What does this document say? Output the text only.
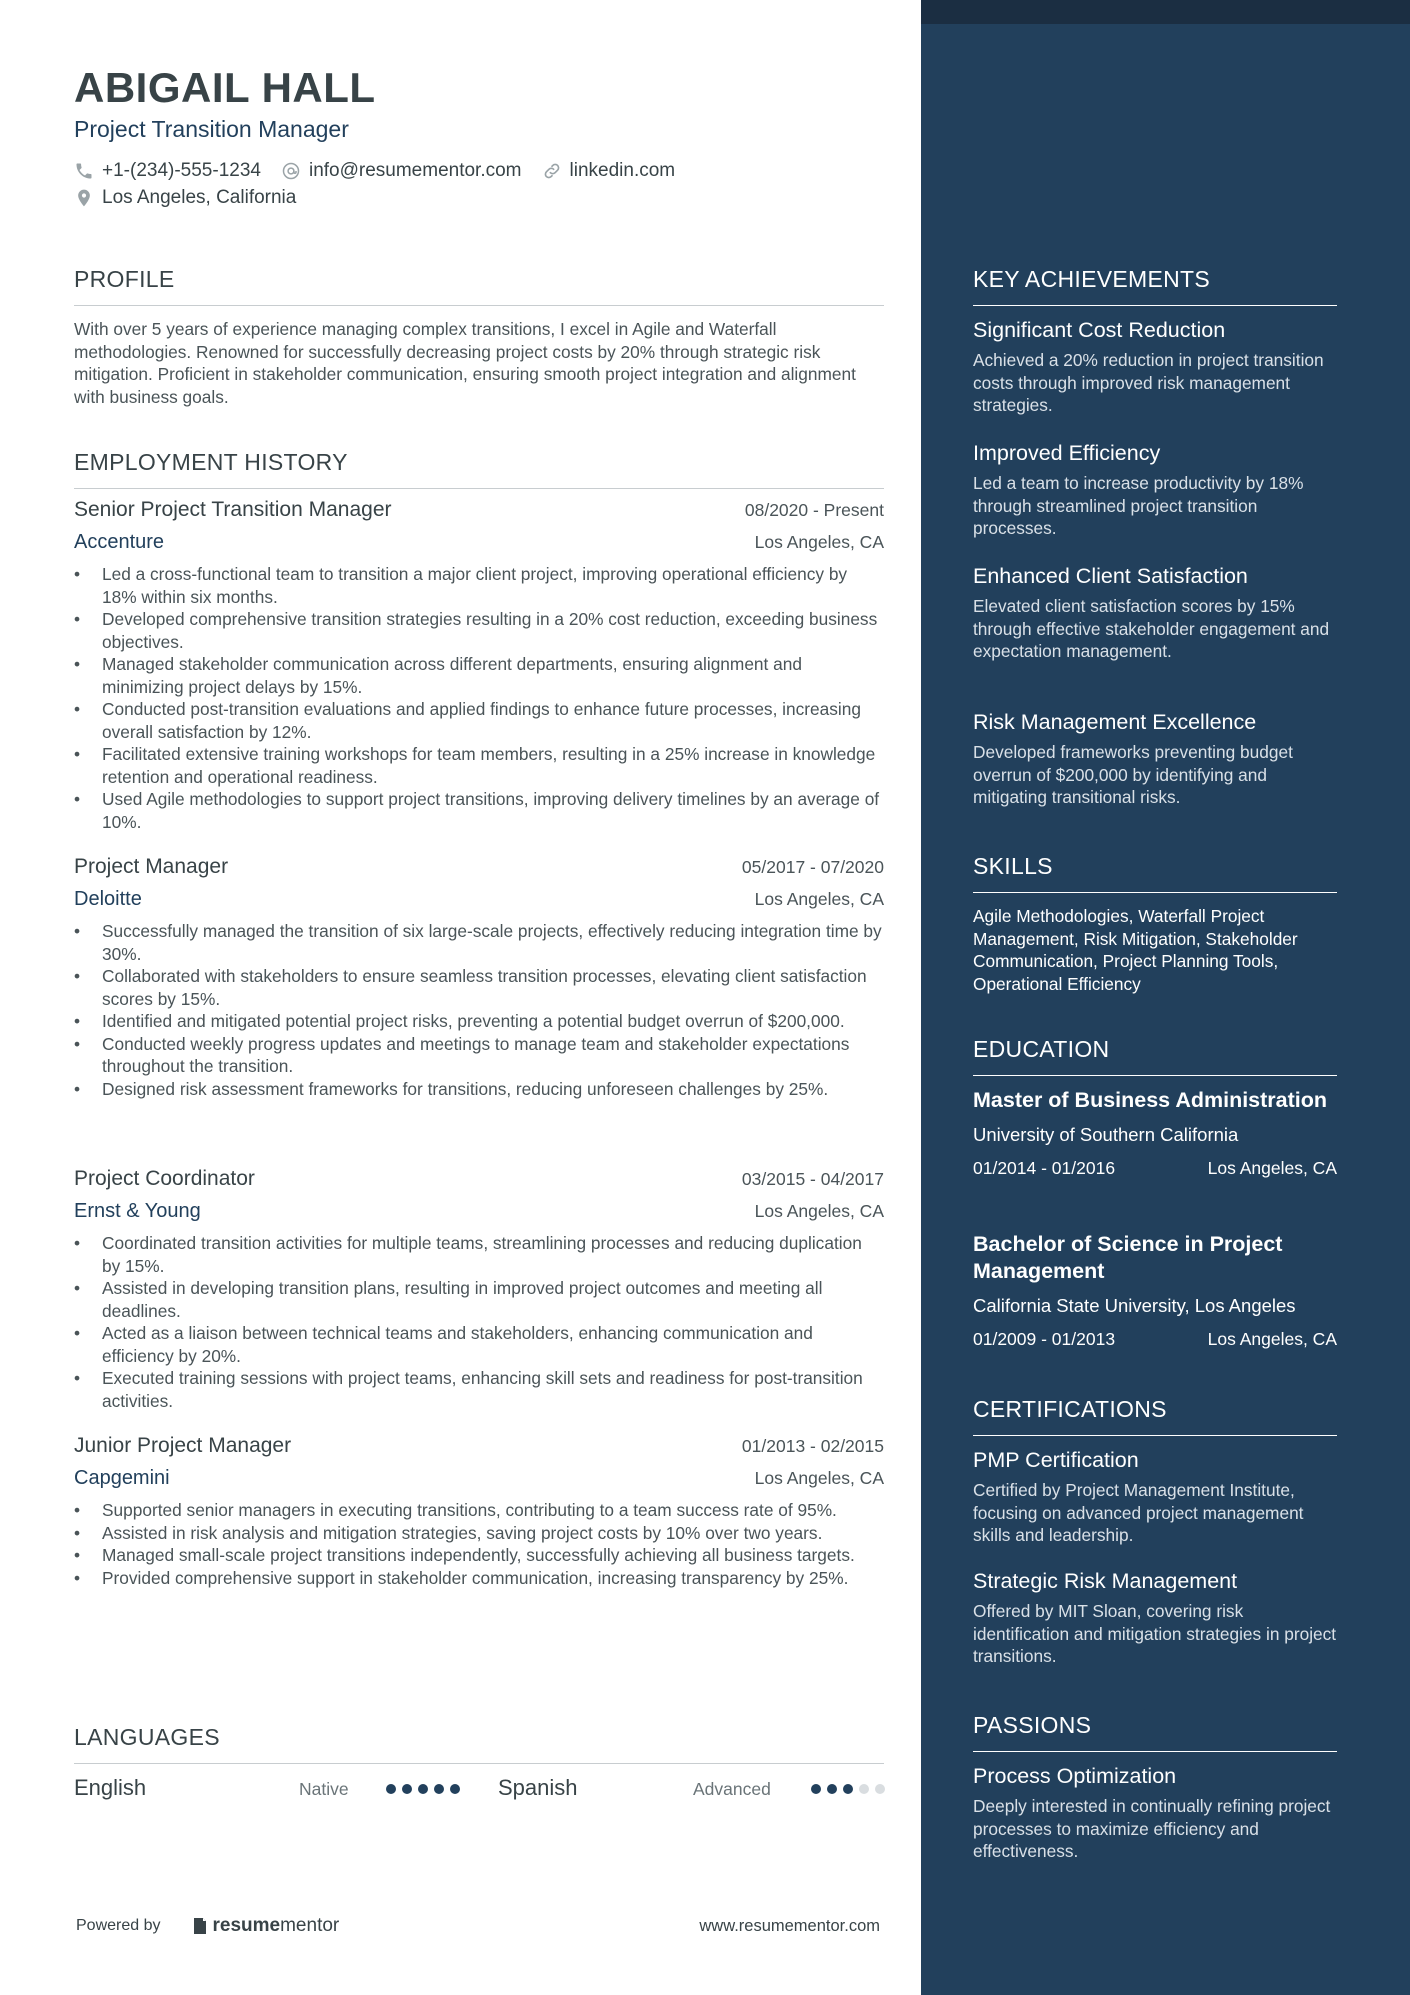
ABIGAIL HALL
Project Transition Manager
+1-(234)-555-1234	info@resumementor.com	linkedin.com
Los Angeles, California
PROFILE
With over 5 years of experience managing complex transitions, I excel in Agile and Waterfall methodologies. Renowned for successfully decreasing project costs by 20% through strategic risk mitigation. Proficient in stakeholder communication, ensuring smooth project integration and alignment with business goals.
EMPLOYMENT HISTORY
Senior Project Transition Manager	08/2020 - Present
Accenture	Los Angeles, CA
• Led a cross-functional team to transition a major client project, improving operational efficiency by 18% within six months.
• Developed comprehensive transition strategies resulting in a 20% cost reduction, exceeding business objectives.
• Managed stakeholder communication across different departments, ensuring alignment and minimizing project delays by 15%.
• Conducted post-transition evaluations and applied findings to enhance future processes, increasing overall satisfaction by 12%.
• Facilitated extensive training workshops for team members, resulting in a 25% increase in knowledge retention and operational readiness.
• Used Agile methodologies to support project transitions, improving delivery timelines by an average of 10%.
Project Manager	05/2017 - 07/2020
Deloitte	Los Angeles, CA
• Successfully managed the transition of six large-scale projects, effectively reducing integration time by 30%.
• Collaborated with stakeholders to ensure seamless transition processes, elevating client satisfaction scores by 15%.
• Identified and mitigated potential project risks, preventing a potential budget overrun of $200,000.
• Conducted weekly progress updates and meetings to manage team and stakeholder expectations throughout the transition.
• Designed risk assessment frameworks for transitions, reducing unforeseen challenges by 25%.
Project Coordinator	03/2015 - 04/2017
Ernst & Young	Los Angeles, CA
• Coordinated transition activities for multiple teams, streamlining processes and reducing duplication by 15%.
• Assisted in developing transition plans, resulting in improved project outcomes and meeting all deadlines.
• Acted as a liaison between technical teams and stakeholders, enhancing communication and efficiency by 20%.
• Executed training sessions with project teams, enhancing skill sets and readiness for post-transition activities.
Junior Project Manager	01/2013 - 02/2015
Capgemini	Los Angeles, CA
• Supported senior managers in executing transitions, contributing to a team success rate of 95%.
• Assisted in risk analysis and mitigation strategies, saving project costs by 10% over two years.
• Managed small-scale project transitions independently, successfully achieving all business targets.
• Provided comprehensive support in stakeholder communication, increasing transparency by 25%.
LANGUAGES
English	Native	Spanish	Advanced
Powered by	resume mentor	www.resumementor.com
KEY ACHIEVEMENTS
Significant Cost Reduction
Achieved a 20% reduction in project transition costs through improved risk management strategies.
Improved Efficiency
Led a team to increase productivity by 18% through streamlined project transition processes.
Enhanced Client Satisfaction
Elevated client satisfaction scores by 15% through effective stakeholder engagement and expectation management.
Risk Management Excellence
Developed frameworks preventing budget overrun of $200,000 by identifying and mitigating transitional risks.
SKILLS
Agile Methodologies, Waterfall Project Management, Risk Mitigation, Stakeholder Communication, Project Planning Tools, Operational Efficiency
EDUCATION
Master of Business Administration
University of Southern California
01/2014 - 01/2016	Los Angeles, CA
Bachelor of Science in Project Management
California State University, Los Angeles
01/2009 - 01/2013	Los Angeles, CA
CERTIFICATIONS
PMP Certification
Certified by Project Management Institute, focusing on advanced project management skills and leadership.
Strategic Risk Management
Offered by MIT Sloan, covering risk identification and mitigation strategies in project transitions.
PASSIONS
Process Optimization
Deeply interested in continually refining project processes to maximize efficiency and effectiveness.
